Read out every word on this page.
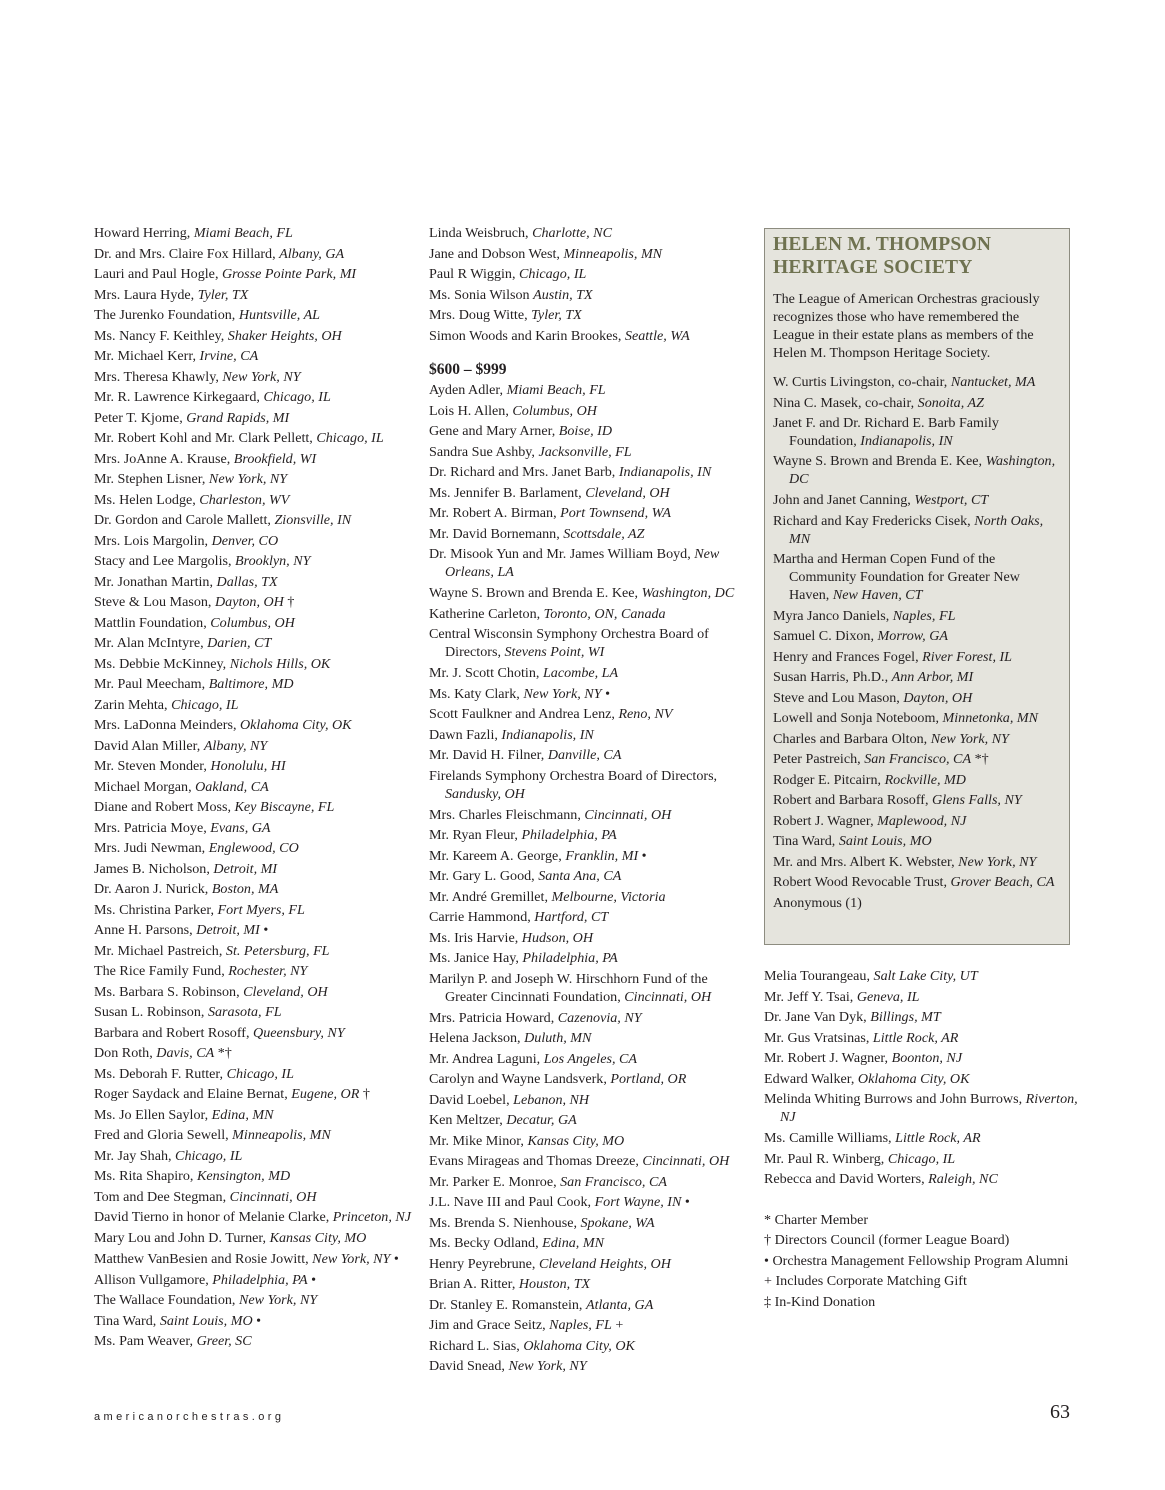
Howard Herring, Miami Beach, FL
Dr. and Mrs. Claire Fox Hillard, Albany, GA
Lauri and Paul Hogle, Grosse Pointe Park, MI
Mrs. Laura Hyde, Tyler, TX
The Jurenko Foundation, Huntsville, AL
Ms. Nancy F. Keithley, Shaker Heights, OH
Mr. Michael Kerr, Irvine, CA
Mrs. Theresa Khawly, New York, NY
Mr. R. Lawrence Kirkegaard, Chicago, IL
Peter T. Kjome, Grand Rapids, MI
Mr. Robert Kohl and Mr. Clark Pellett, Chicago, IL
Mrs. JoAnne A. Krause, Brookfield, WI
Mr. Stephen Lisner, New York, NY
Ms. Helen Lodge, Charleston, WV
Dr. Gordon and Carole Mallett, Zionsville, IN
Mrs. Lois Margolin, Denver, CO
Stacy and Lee Margolis, Brooklyn, NY
Mr. Jonathan Martin, Dallas, TX
Steve & Lou Mason, Dayton, OH †
Mattlin Foundation, Columbus, OH
Mr. Alan McIntyre, Darien, CT
Ms. Debbie McKinney, Nichols Hills, OK
Mr. Paul Meecham, Baltimore, MD
Zarin Mehta, Chicago, IL
Mrs. LaDonna Meinders, Oklahoma City, OK
David Alan Miller, Albany, NY
Mr. Steven Monder, Honolulu, HI
Michael Morgan, Oakland, CA
Diane and Robert Moss, Key Biscayne, FL
Mrs. Patricia Moye, Evans, GA
Mrs. Judi Newman, Englewood, CO
James B. Nicholson, Detroit, MI
Dr. Aaron J. Nurick, Boston, MA
Ms. Christina Parker, Fort Myers, FL
Anne H. Parsons, Detroit, MI •
Mr. Michael Pastreich, St. Petersburg, FL
The Rice Family Fund, Rochester, NY
Ms. Barbara S. Robinson, Cleveland, OH
Susan L. Robinson, Sarasota, FL
Barbara and Robert Rosoff, Queensbury, NY
Don Roth, Davis, CA *†
Ms. Deborah F. Rutter, Chicago, IL
Roger Saydack and Elaine Bernat, Eugene, OR †
Ms. Jo Ellen Saylor, Edina, MN
Fred and Gloria Sewell, Minneapolis, MN
Mr. Jay Shah, Chicago, IL
Ms. Rita Shapiro, Kensington, MD
Tom and Dee Stegman, Cincinnati, OH
David Tierno in honor of Melanie Clarke, Princeton, NJ
Mary Lou and John D. Turner, Kansas City, MO
Matthew VanBesien and Rosie Jowitt, New York, NY •
Allison Vullgamore, Philadelphia, PA •
The Wallace Foundation, New York, NY
Tina Ward, Saint Louis, MO •
Ms. Pam Weaver, Greer, SC
Linda Weisbruch, Charlotte, NC
Jane and Dobson West, Minneapolis, MN
Paul R Wiggin, Chicago, IL
Ms. Sonia Wilson Austin, TX
Mrs. Doug Witte, Tyler, TX
Simon Woods and Karin Brookes, Seattle, WA
$600 – $999
Ayden Adler, Miami Beach, FL
Lois H. Allen, Columbus, OH
Gene and Mary Arner, Boise, ID
Sandra Sue Ashby, Jacksonville, FL
Dr. Richard and Mrs. Janet Barb, Indianapolis, IN
Ms. Jennifer B. Barlament, Cleveland, OH
Mr. Robert A. Birman, Port Townsend, WA
Mr. David Bornemann, Scottsdale, AZ
Dr. Misook Yun and Mr. James William Boyd, New Orleans, LA
Wayne S. Brown and Brenda E. Kee, Washington, DC
Katherine Carleton, Toronto, ON, Canada
Central Wisconsin Symphony Orchestra Board of Directors, Stevens Point, WI
Mr. J. Scott Chotin, Lacombe, LA
Ms. Katy Clark, New York, NY •
Scott Faulkner and Andrea Lenz, Reno, NV
Dawn Fazli, Indianapolis, IN
Mr. David H. Filner, Danville, CA
Firelands Symphony Orchestra Board of Directors, Sandusky, OH
Mrs. Charles Fleischmann, Cincinnati, OH
Mr. Ryan Fleur, Philadelphia, PA
Mr. Kareem A. George, Franklin, MI •
Mr. Gary L. Good, Santa Ana, CA
Mr. André Gremillet, Melbourne, Victoria
Carrie Hammond, Hartford, CT
Ms. Iris Harvie, Hudson, OH
Ms. Janice Hay, Philadelphia, PA
Marilyn P. and Joseph W. Hirschhorn Fund of the Greater Cincinnati Foundation, Cincinnati, OH
Mrs. Patricia Howard, Cazenovia, NY
Helena Jackson, Duluth, MN
Mr. Andrea Laguni, Los Angeles, CA
Carolyn and Wayne Landsverk, Portland, OR
David Loebel, Lebanon, NH
Ken Meltzer, Decatur, GA
Mr. Mike Minor, Kansas City, MO
Evans Mirageas and Thomas Dreeze, Cincinnati, OH
Mr. Parker E. Monroe, San Francisco, CA
J.L. Nave III and Paul Cook, Fort Wayne, IN •
Ms. Brenda S. Nienhouse, Spokane, WA
Ms. Becky Odland, Edina, MN
Henry Peyrebrune, Cleveland Heights, OH
Brian A. Ritter, Houston, TX
Dr. Stanley E. Romanstein, Atlanta, GA
Jim and Grace Seitz, Naples, FL +
Richard L. Sias, Oklahoma City, OK
David Snead, New York, NY
HELEN M. THOMPSON HERITAGE SOCIETY
The League of American Orchestras graciously recognizes those who have remembered the League in their estate plans as members of the Helen M. Thompson Heritage Society.
W. Curtis Livingston, co-chair, Nantucket, MA
Nina C. Masek, co-chair, Sonoita, AZ
Janet F. and Dr. Richard E. Barb Family Foundation, Indianapolis, IN
Wayne S. Brown and Brenda E. Kee, Washington, DC
John and Janet Canning, Westport, CT
Richard and Kay Fredericks Cisek, North Oaks, MN
Martha and Herman Copen Fund of the Community Foundation for Greater New Haven, New Haven, CT
Myra Janco Daniels, Naples, FL
Samuel C. Dixon, Morrow, GA
Henry and Frances Fogel, River Forest, IL
Susan Harris, Ph.D., Ann Arbor, MI
Steve and Lou Mason, Dayton, OH
Lowell and Sonja Noteboom, Minnetonka, MN
Charles and Barbara Olton, New York, NY
Peter Pastreich, San Francisco, CA *†
Rodger E. Pitcairn, Rockville, MD
Robert and Barbara Rosoff, Glens Falls, NY
Robert J. Wagner, Maplewood, NJ
Tina Ward, Saint Louis, MO
Mr. and Mrs. Albert K. Webster, New York, NY
Robert Wood Revocable Trust, Grover Beach, CA
Anonymous (1)
Melia Tourangeau, Salt Lake City, UT
Mr. Jeff Y. Tsai, Geneva, IL
Dr. Jane Van Dyk, Billings, MT
Mr. Gus Vratsinas, Little Rock, AR
Mr. Robert J. Wagner, Boonton, NJ
Edward Walker, Oklahoma City, OK
Melinda Whiting Burrows and John Burrows, Riverton, NJ
Ms. Camille Williams, Little Rock, AR
Mr. Paul R. Winberg, Chicago, IL
Rebecca and David Worters, Raleigh, NC
* Charter Member
† Directors Council (former League Board)
• Orchestra Management Fellowship Program Alumni
+ Includes Corporate Matching Gift
‡ In-Kind Donation
americanorchestras.org	63
